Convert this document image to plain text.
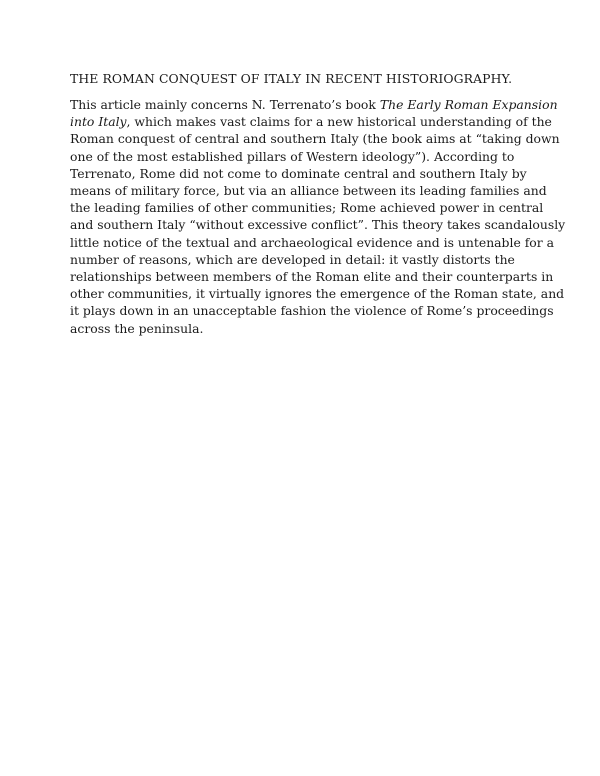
THE ROMAN CONQUEST OF ITALY IN RECENT HISTORIOGRAPHY.
This article mainly concerns N. Terrenato’s book The Early Roman Expansion
into Italy, which makes vast claims for a new historical understanding of the
Roman conquest of central and southern Italy (the book aims at “taking down
one of the most established pillars of Western ideology”). According to
Terrenato, Rome did not come to dominate central and southern Italy by
means of military force, but via an alliance between its leading families and
the leading families of other communities; Rome achieved power in central
and southern Italy “without excessive conflict”. This theory takes scandalously
little notice of the textual and archaeological evidence and is untenable for a
number of reasons, which are developed in detail: it vastly distorts the
relationships between members of the Roman elite and their counterparts in
other communities, it virtually ignores the emergence of the Roman state, and
it plays down in an unacceptable fashion the violence of Rome’s proceedings
across the peninsula.
